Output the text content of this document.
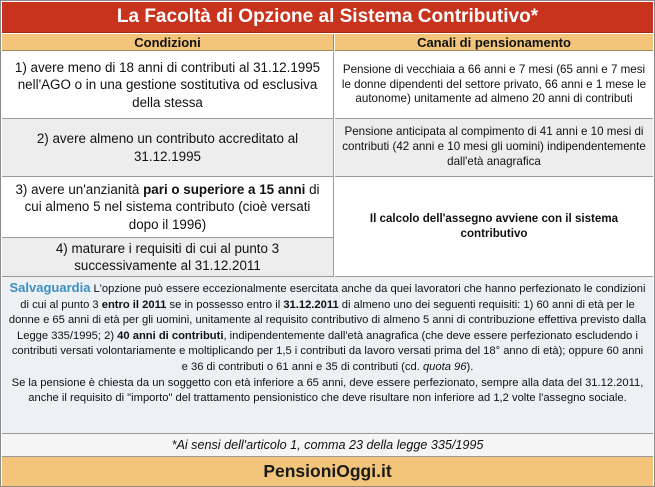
La Facoltà di Opzione al Sistema Contributivo*
Condizioni	Canali di pensionamento
1) avere meno di 18 anni di contributi al 31.12.1995 nell'AGO o in una gestione sostitutiva od esclusiva della stessa
Pensione di vecchiaia a 66 anni e 7 mesi (65 anni e 7 mesi le donne dipendenti del settore privato, 66 anni e 1 mese le autonome) unitamente ad almeno 20 anni di contributi
2) avere almeno un contributo accreditato al 31.12.1995
Pensione anticipata al compimento di 41 anni e 10 mesi di contributi (42 anni e 10 mesi gli uomini) indipendentemente dall'età anagrafica
3) avere un'anzianità pari o superiore a 15 anni di cui almeno 5 nel sistema contributo (cioè versati dopo il 1996)
4) maturare i requisiti di cui al punto 3 successivamente al 31.12.2011
Il calcolo dell'assegno avviene con il sistema contributivo

Salvaguardia L'opzione può essere eccezionalmente esercitata anche da quei lavoratori che hanno perfezionato le condizioni di cui al punto 3 entro il 2011 se in possesso entro il 31.12.2011 di almeno uno dei seguenti requisiti: 1) 60 anni di età per le donne e 65 anni di età per gli uomini, unitamente al requisito contributivo di almeno 5 anni di contribuzione effettiva previsto dalla Legge 335/1995; 2) 40 anni di contributi, indipendentemente dall'età anagrafica (che deve essere perfezionato escludendo i contributi versati volontariamente e moltiplicando per 1,5 i contributi da lavoro versati prima del 18° anno di età); oppure 60 anni e 36 di contributi o 61 anni e 35 di contributi (cd. quota 96).

Se la pensione è chiesta da un soggetto con età inferiore a 65 anni, deve essere perfezionato, sempre alla data del 31.12.2011, anche il requisito di "importo" del trattamento pensionistico che deve risultare non inferiore ad 1,2 volte l'assegno sociale.

*Ai sensi dell'articolo 1, comma 23 della legge 335/1995
PensioniOggi.it
